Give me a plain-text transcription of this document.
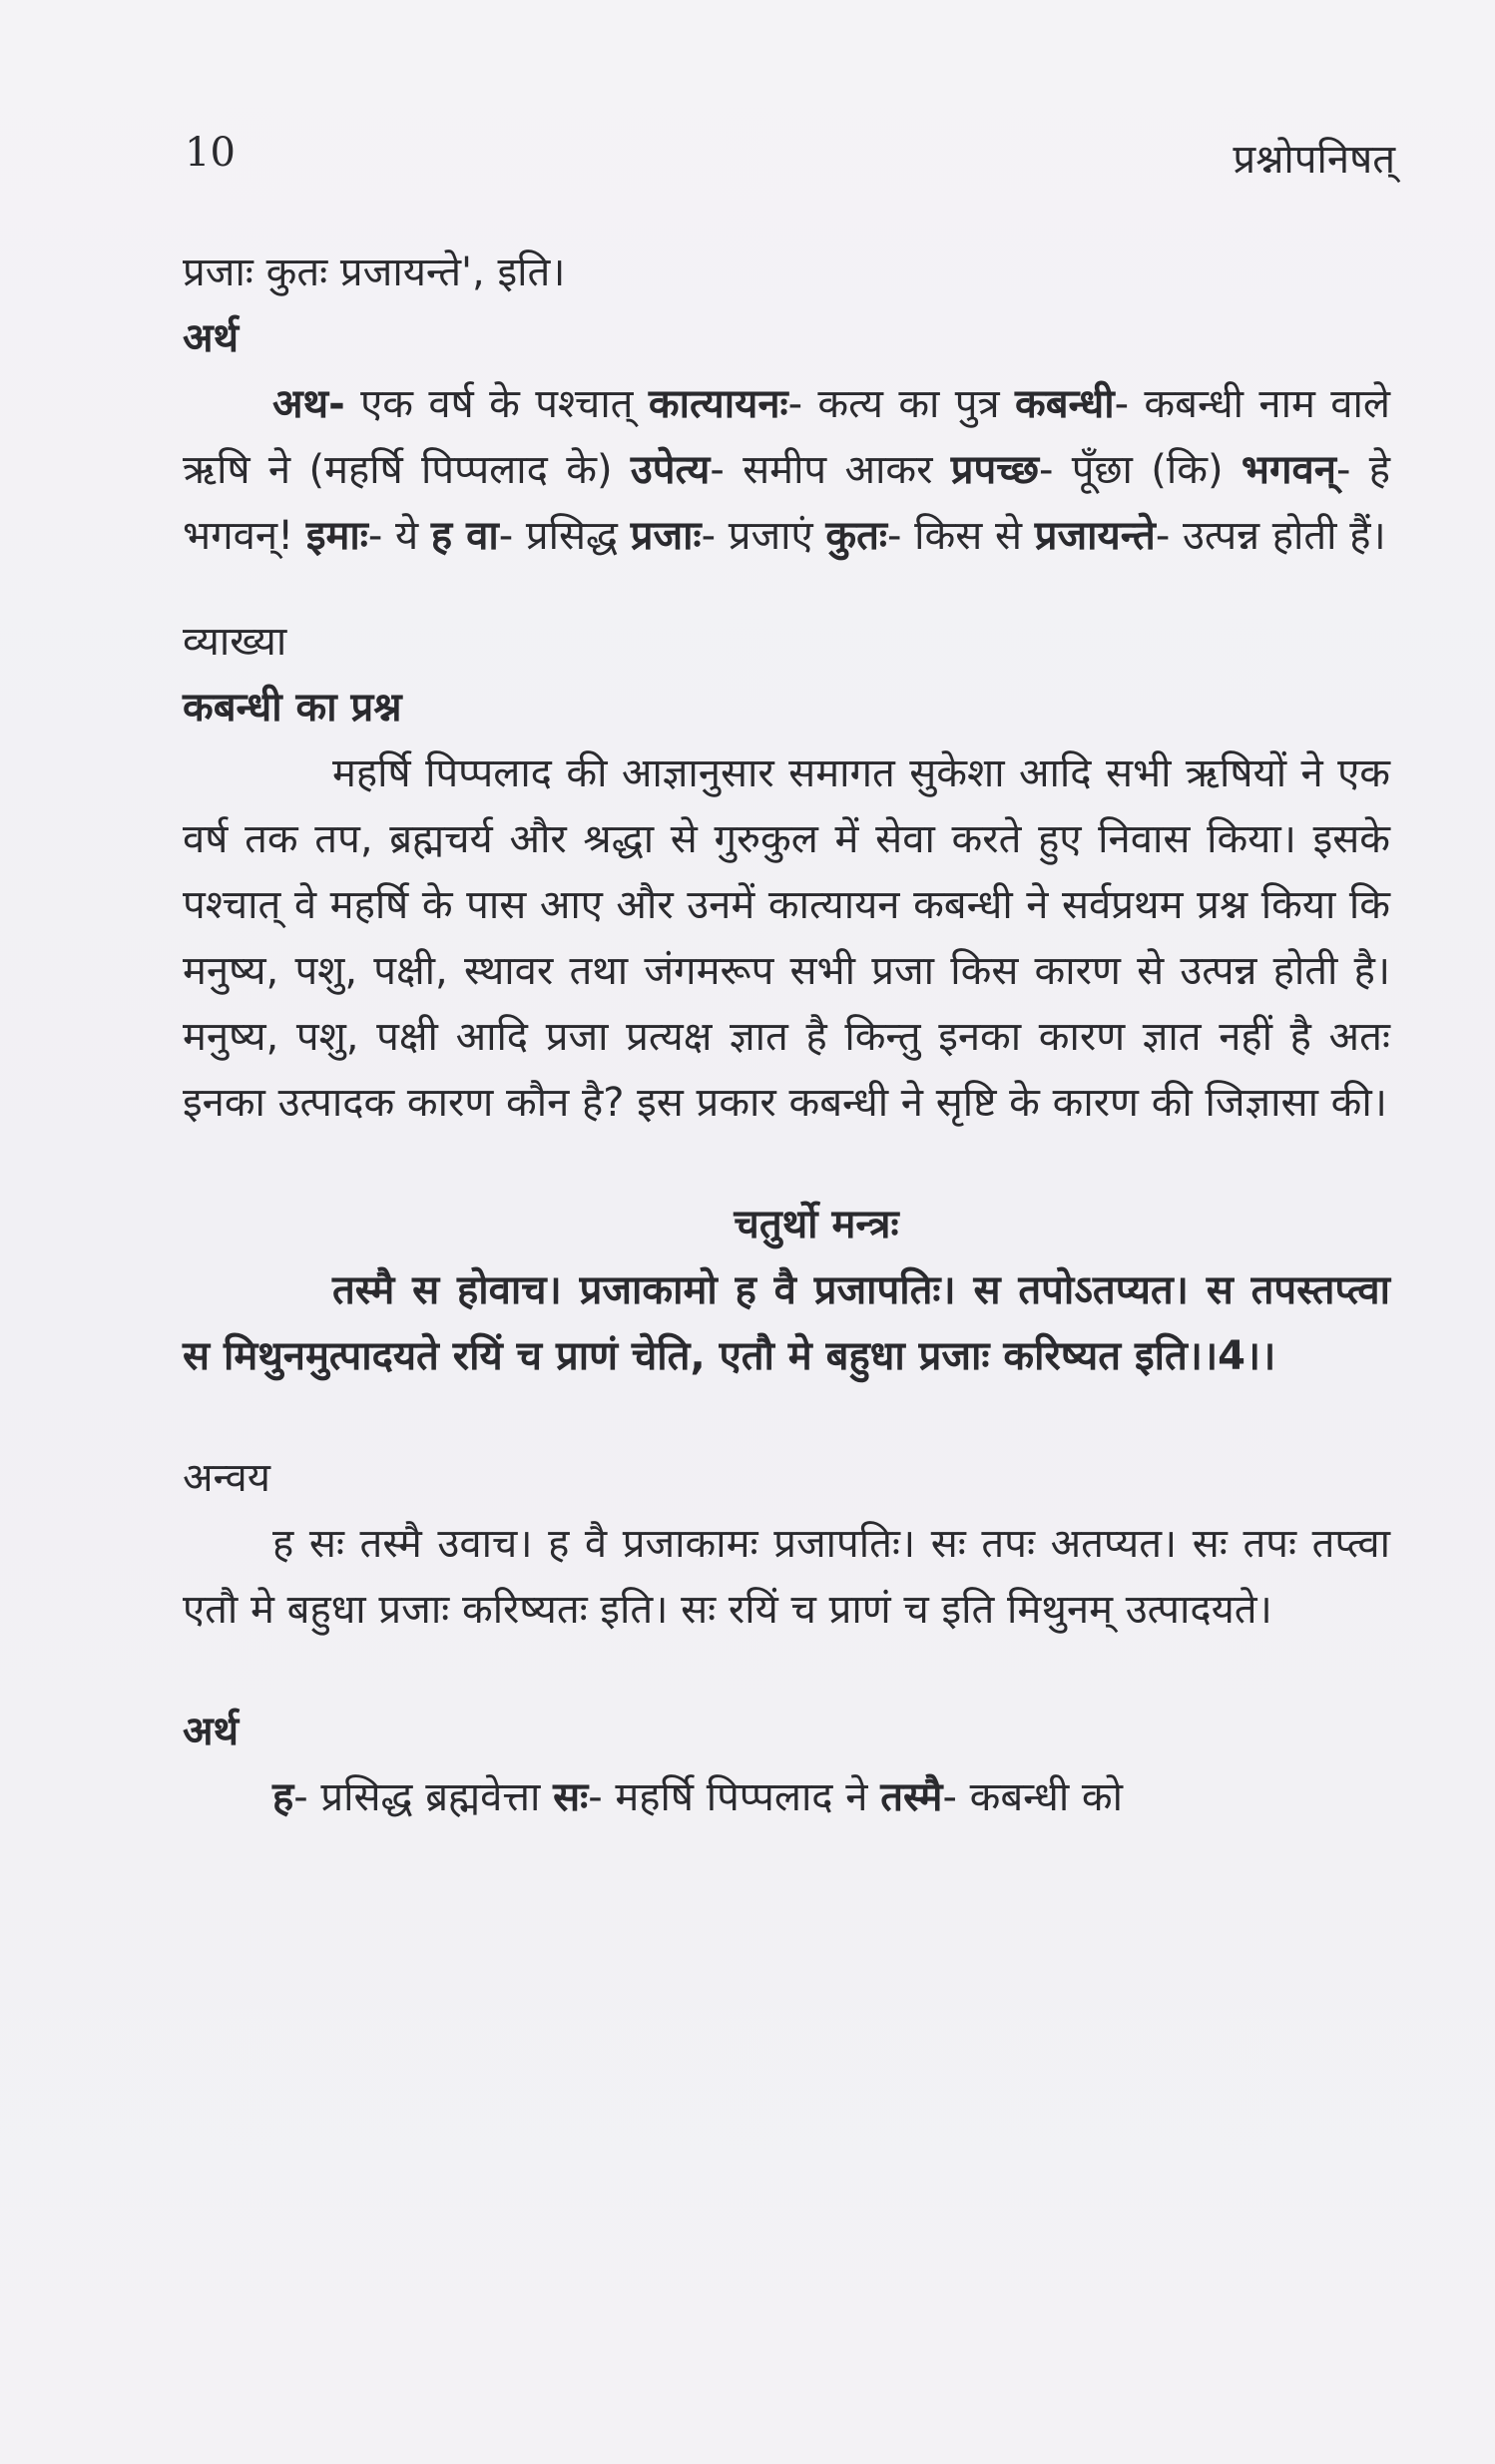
10	प्रश्नोपनिषत्
प्रजाः कुतः प्रजायन्ते', इति।
अर्थ

अथ- एक वर्ष के पश्चात् कात्यायनः- कत्य का पुत्र कबन्धी- कबन्धी नाम वाले ऋषि ने (महर्षि पिप्पलाद के) उपेत्य- समीप आकर प्रपच्छ- पूँछा (कि) भगवन्- हे भगवन्! इमाः- ये ह वा- प्रसिद्ध प्रजाः- प्रजाएं कुतः- किस से प्रजायन्ते- उत्पन्न होती हैं।

व्याख्या
कबन्धी का प्रश्न

महर्षि पिप्पलाद की आज्ञानुसार समागत सुकेशा आदि सभी ऋषियों ने एक वर्ष तक तप, ब्रह्मचर्य और श्रद्धा से गुरुकुल में सेवा करते हुए निवास किया। इसके पश्चात् वे महर्षि के पास आए और उनमें कात्यायन कबन्धी ने सर्वप्रथम प्रश्न किया कि मनुष्य, पशु, पक्षी, स्थावर तथा जंगमरूप सभी प्रजा किस कारण से उत्पन्न होती है। मनुष्य, पशु, पक्षी आदि प्रजा प्रत्यक्ष ज्ञात है किन्तु इनका कारण ज्ञात नहीं है अतः इनका उत्पादक कारण कौन है? इस प्रकार कबन्धी ने सृष्टि के कारण की जिज्ञासा की।

चतुर्थो मन्त्रः

तस्मै स होवाच। प्रजाकामो ह वै प्रजापतिः। स तपोऽतप्यत। स तपस्तप्त्वा स मिथुनमुत्पादयते रयिं च प्राणं चेति, एतौ मे बहुधा प्रजाः करिष्यत इति।।4।।

अन्वय

ह सः तस्मै उवाच। ह वै प्रजाकामः प्रजापतिः। सः तपः अतप्यत। सः तपः तप्त्वा एतौ मे बहुधा प्रजाः करिष्यतः इति। सः रयिं च प्राणं च इति मिथुनम् उत्पादयते।

अर्थ

ह- प्रसिद्ध ब्रह्मवेत्ता सः- महर्षि पिप्पलाद ने तस्मै- कबन्धी को
